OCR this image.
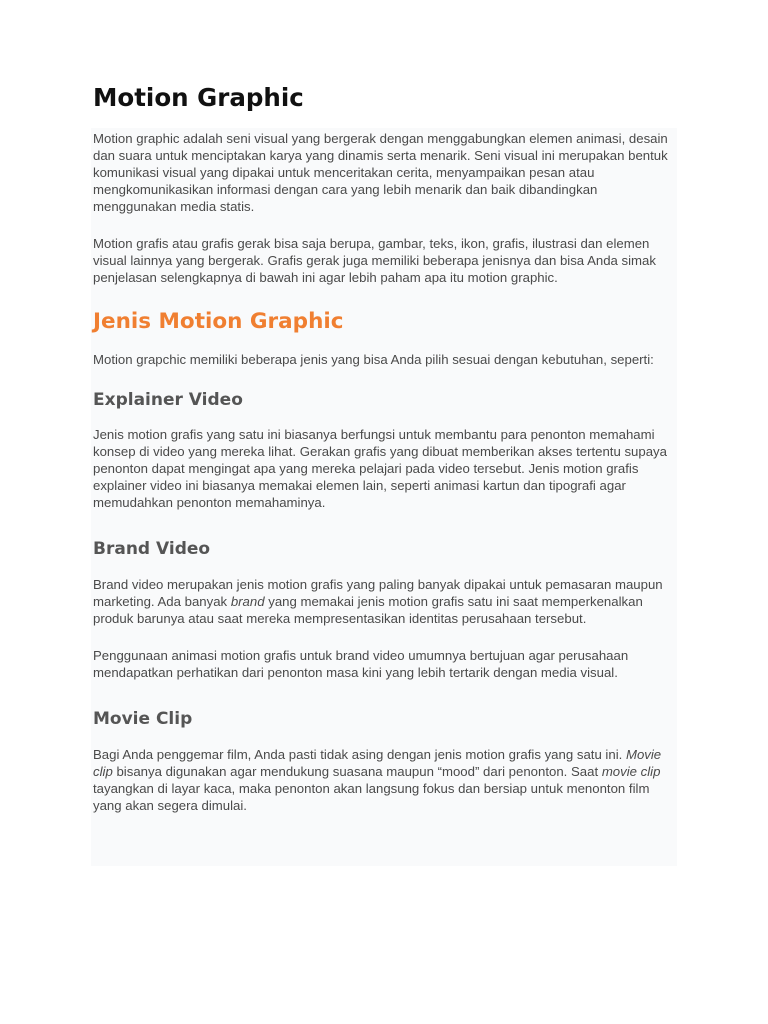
Motion Graphic

Motion graphic adalah seni visual yang bergerak dengan menggabungkan elemen animasi, desain dan suara untuk menciptakan karya yang dinamis serta menarik. Seni visual ini merupakan bentuk komunikasi visual yang dipakai untuk menceritakan cerita, menyampaikan pesan atau mengkomunikasikan informasi dengan cara yang lebih menarik dan baik dibandingkan menggunakan media statis.

Motion grafis atau grafis gerak bisa saja berupa, gambar, teks, ikon, grafis, ilustrasi dan elemen visual lainnya yang bergerak. Grafis gerak juga memiliki beberapa jenisnya dan bisa Anda simak penjelasan selengkapnya di bawah ini agar lebih paham apa itu motion graphic.

Jenis Motion Graphic

Motion grapchic memiliki beberapa jenis yang bisa Anda pilih sesuai dengan kebutuhan, seperti:

Explainer Video

Jenis motion grafis yang satu ini biasanya berfungsi untuk membantu para penonton memahami konsep di video yang mereka lihat. Gerakan grafis yang dibuat memberikan akses tertentu supaya penonton dapat mengingat apa yang mereka pelajari pada video tersebut. Jenis motion grafis explainer video ini biasanya memakai elemen lain, seperti animasi kartun dan tipografi agar memudahkan penonton memahaminya.

Brand Video

Brand video merupakan jenis motion grafis yang paling banyak dipakai untuk pemasaran maupun marketing. Ada banyak brand yang memakai jenis motion grafis satu ini saat memperkenalkan produk barunya atau saat mereka mempresentasikan identitas perusahaan tersebut.

Penggunaan animasi motion grafis untuk brand video umumnya bertujuan agar perusahaan mendapatkan perhatikan dari penonton masa kini yang lebih tertarik dengan media visual.

Movie Clip

Bagi Anda penggemar film, Anda pasti tidak asing dengan jenis motion grafis yang satu ini. Movie clip bisanya digunakan agar mendukung suasana maupun “mood” dari penonton. Saat movie clip tayangkan di layar kaca, maka penonton akan langsung fokus dan bersiap untuk menonton film yang akan segera dimulai.
